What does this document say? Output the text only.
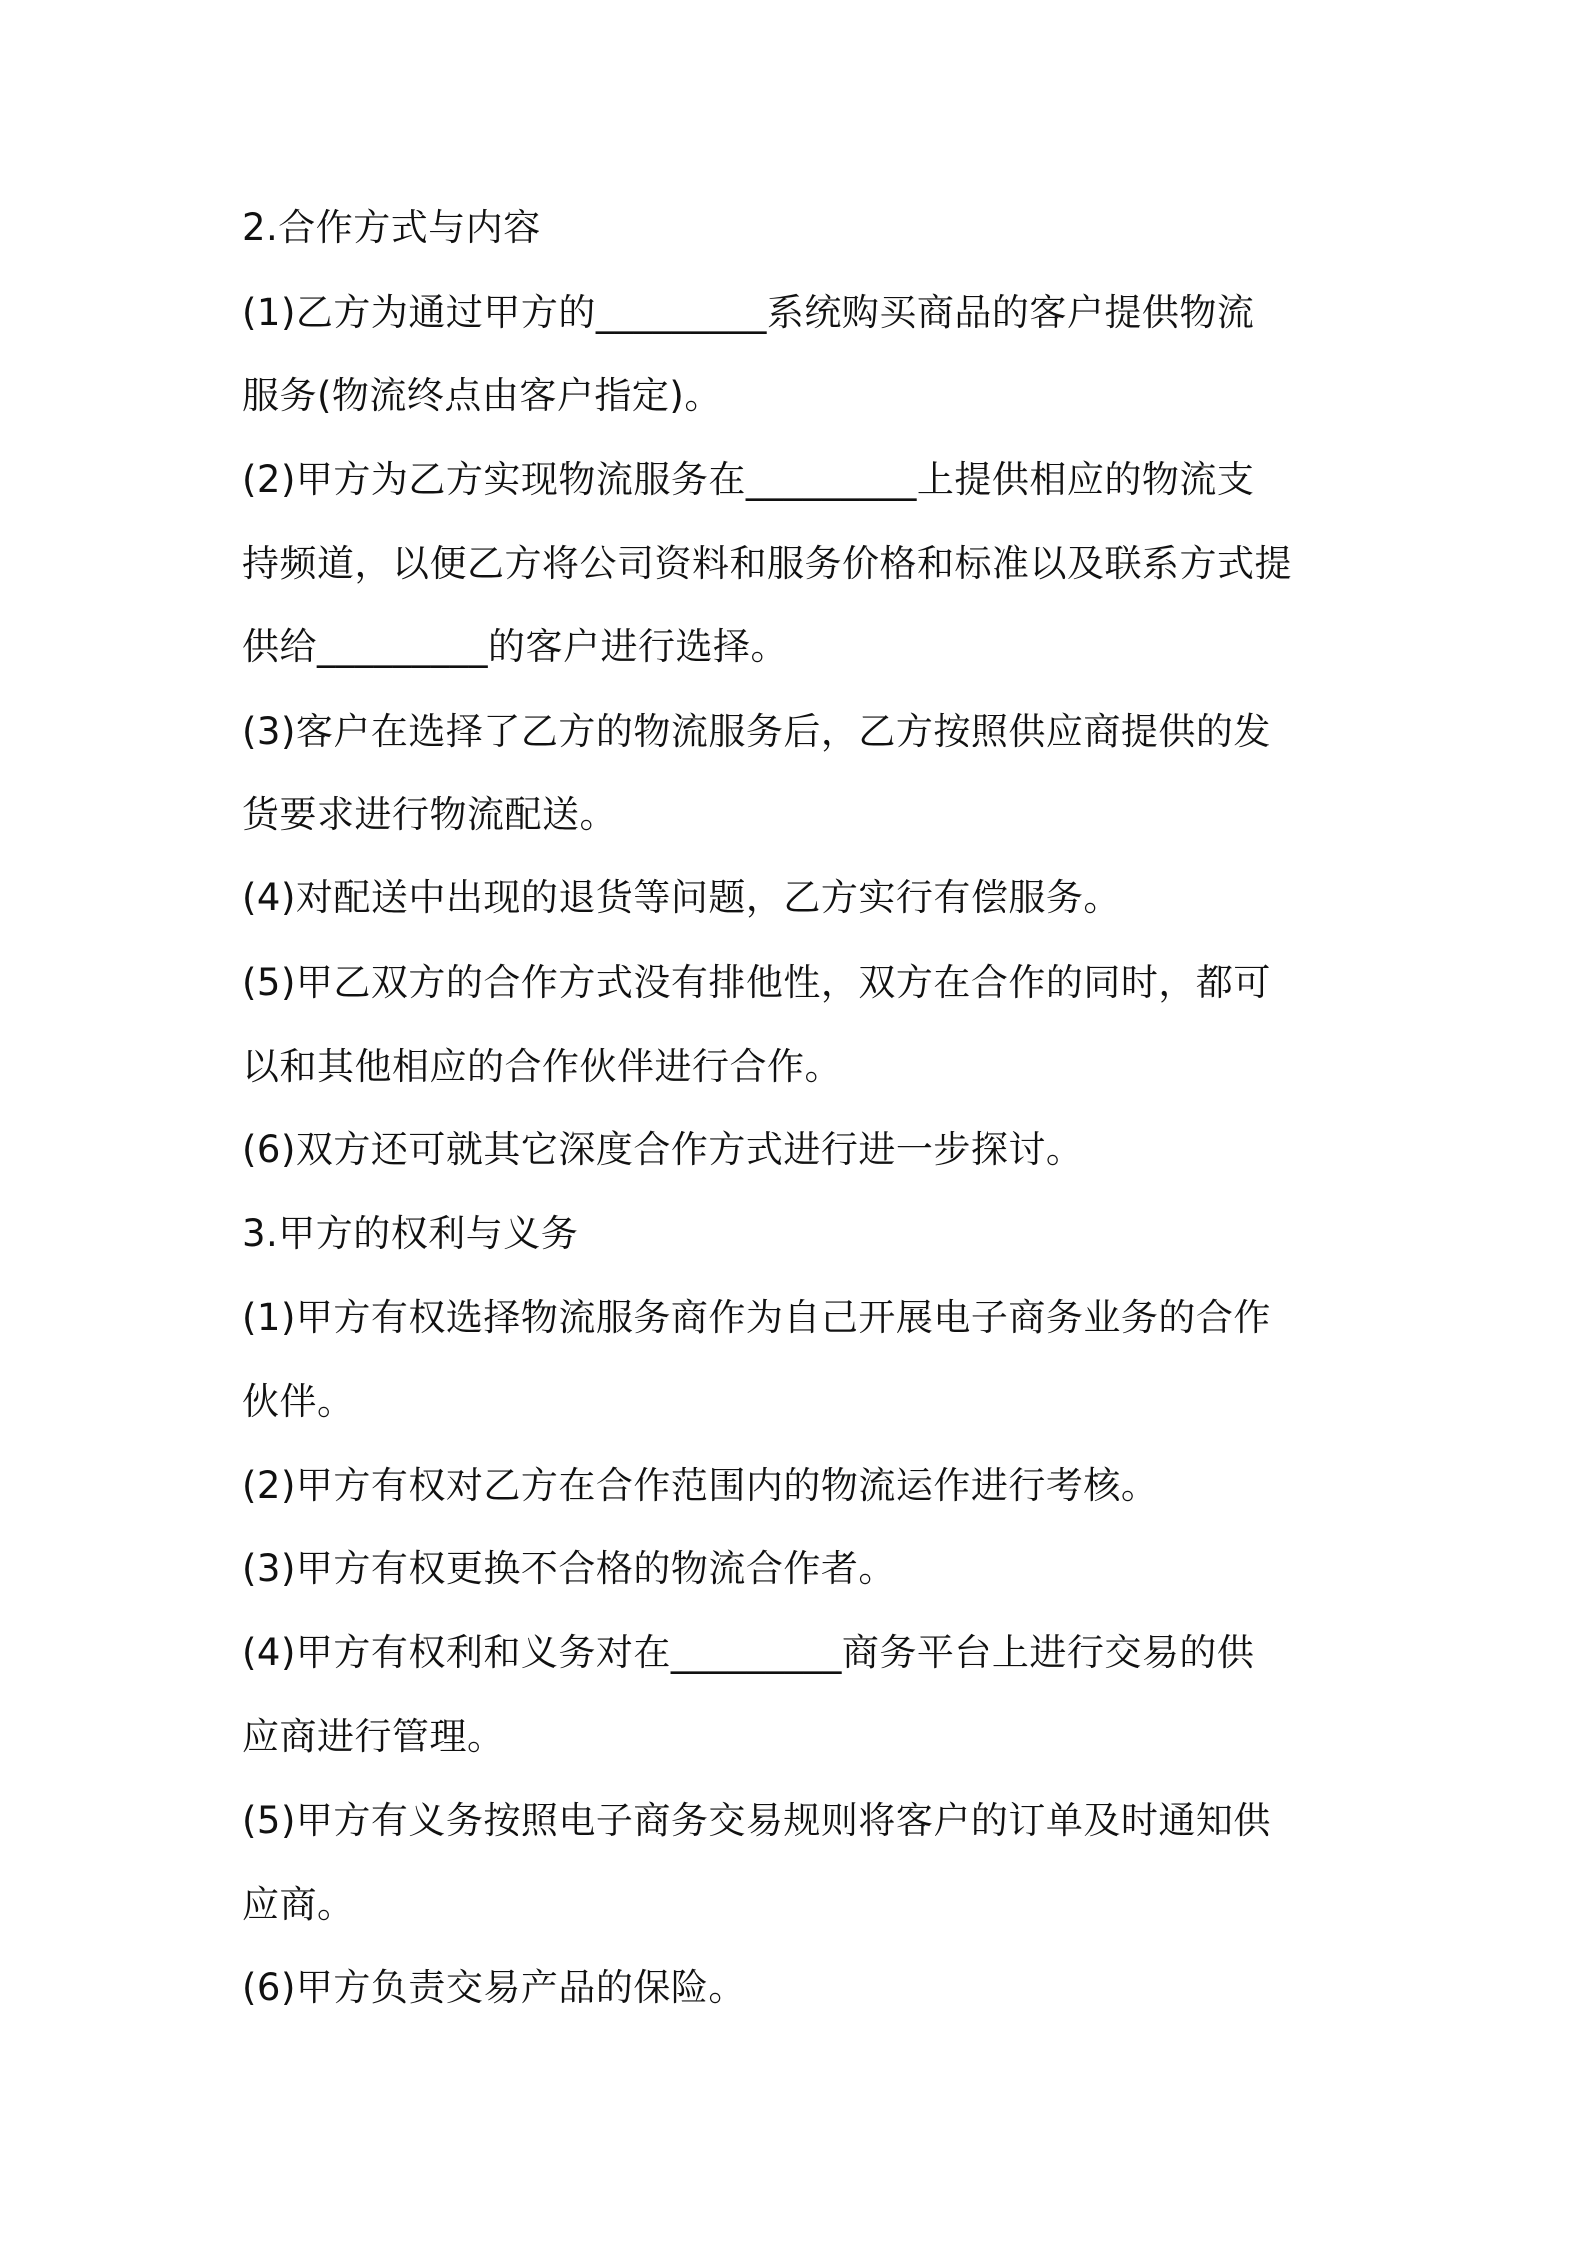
2.合作方式与内容
(1)乙方为通过甲方的_________系统购买商品的客户提供物流
服务(物流终点由客户指定)。
(2)甲方为乙方实现物流服务在_________上提供相应的物流支
持频道，以便乙方将公司资料和服务价格和标准以及联系方式提
供给_________的客户进行选择。
(3)客户在选择了乙方的物流服务后，乙方按照供应商提供的发
货要求进行物流配送。
(4)对配送中出现的退货等问题，乙方实行有偿服务。
(5)甲乙双方的合作方式没有排他性，双方在合作的同时，都可
以和其他相应的合作伙伴进行合作。
(6)双方还可就其它深度合作方式进行进一步探讨。
3.甲方的权利与义务
(1)甲方有权选择物流服务商作为自己开展电子商务业务的合作
伙伴。
(2)甲方有权对乙方在合作范围内的物流运作进行考核。
(3)甲方有权更换不合格的物流合作者。
(4)甲方有权利和义务对在_________商务平台上进行交易的供
应商进行管理。
(5)甲方有义务按照电子商务交易规则将客户的订单及时通知供
应商。
(6)甲方负责交易产品的保险。
